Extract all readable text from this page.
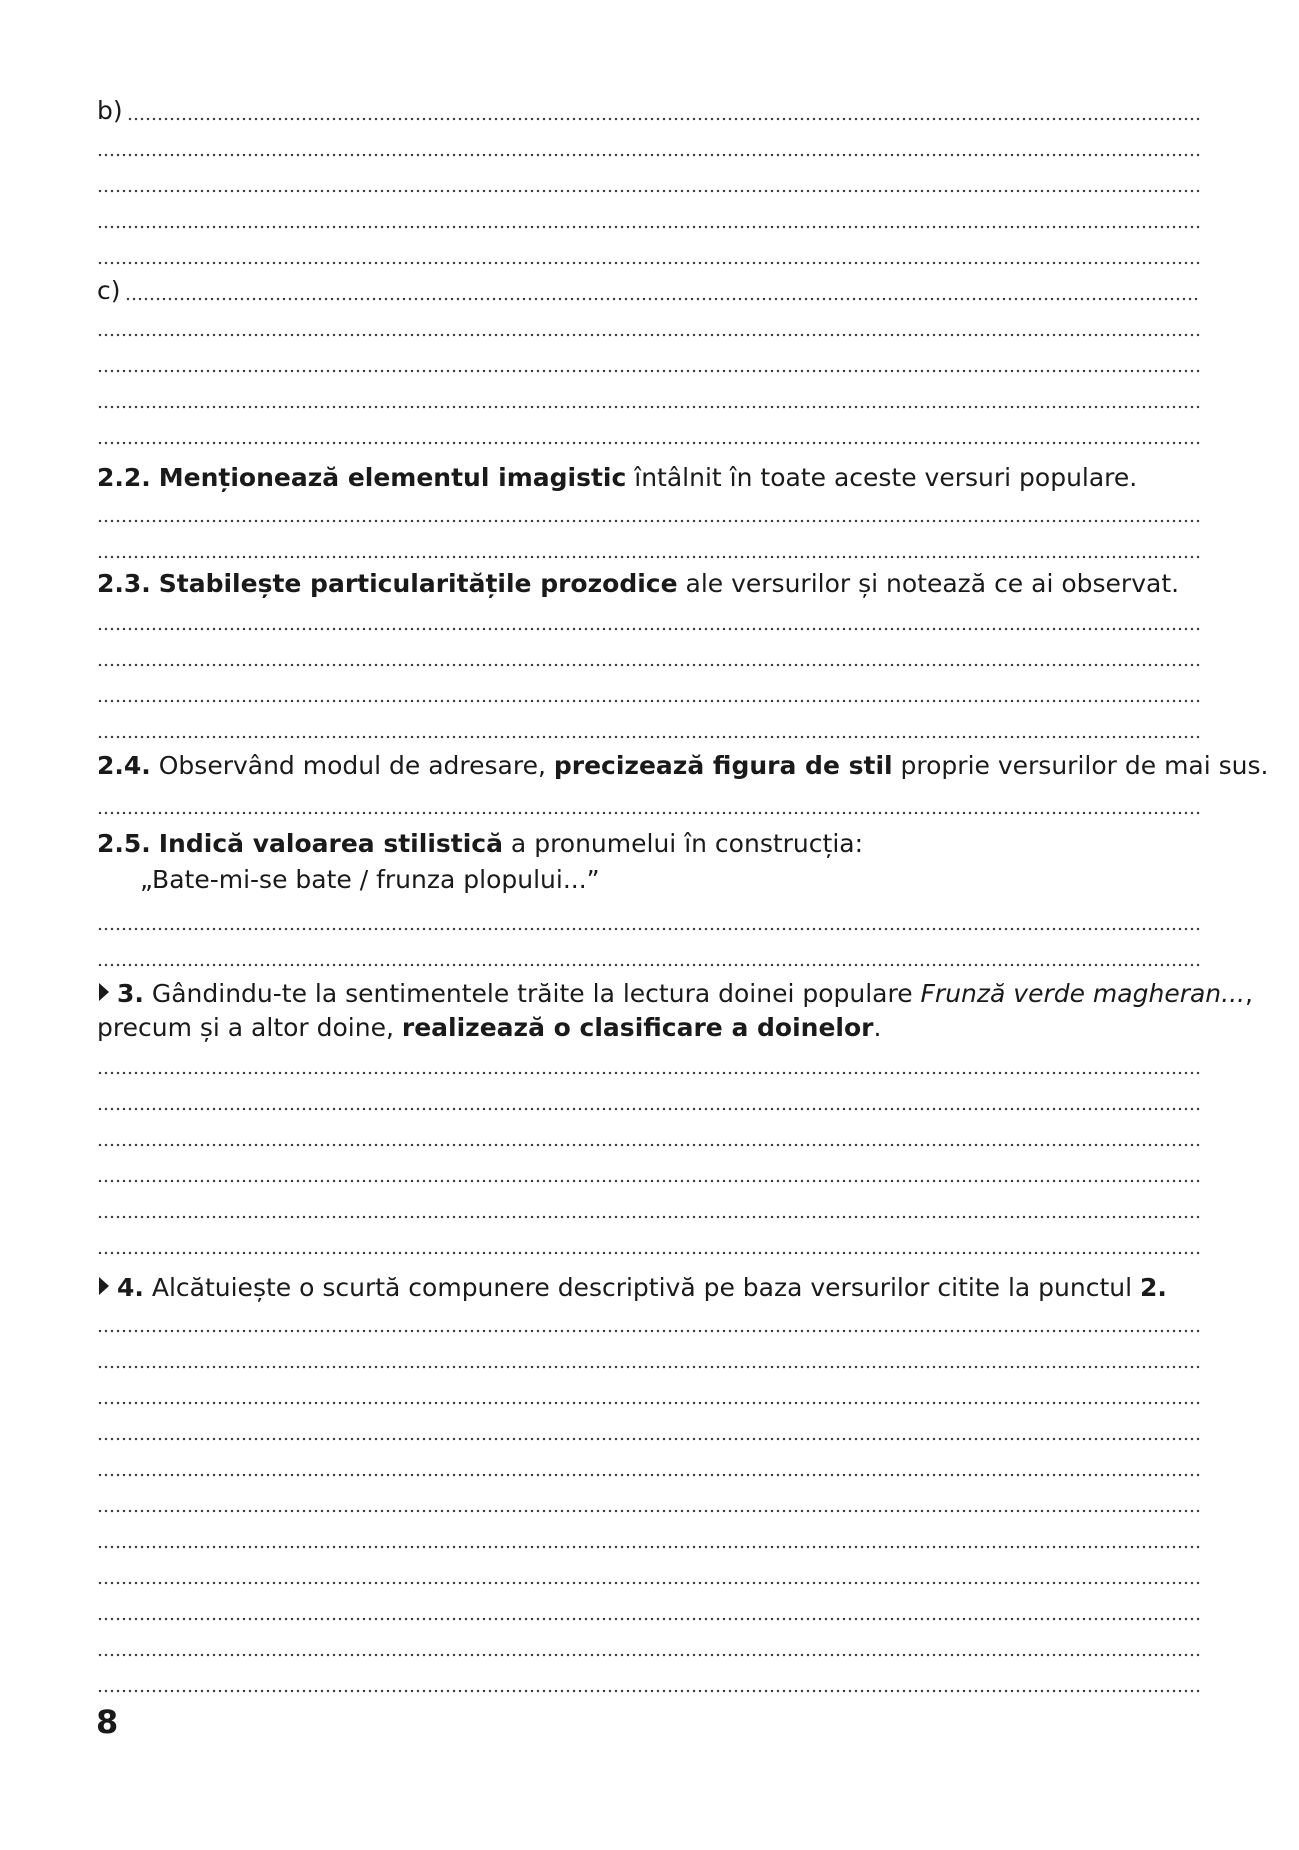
b)
c)
2.2. Menționează elementul imagistic întâlnit în toate aceste versuri populare.
2.3. Stabilește particularitățile prozodice ale versurilor și notează ce ai observat.
2.4. Observând modul de adresare, precizează figura de stil proprie versurilor de mai sus.
2.5. Indică valoarea stilistică a pronumelui în construcția:
„Bate-mi-se bate / frunza plopului...”
3. Gândindu-te la sentimentele trăite la lectura doinei populare Frunză verde magheran...,
precum și a altor doine, realizează o clasificare a doinelor.
4. Alcătuiește o scurtă compunere descriptivă pe baza versurilor citite la punctul 2.
8
